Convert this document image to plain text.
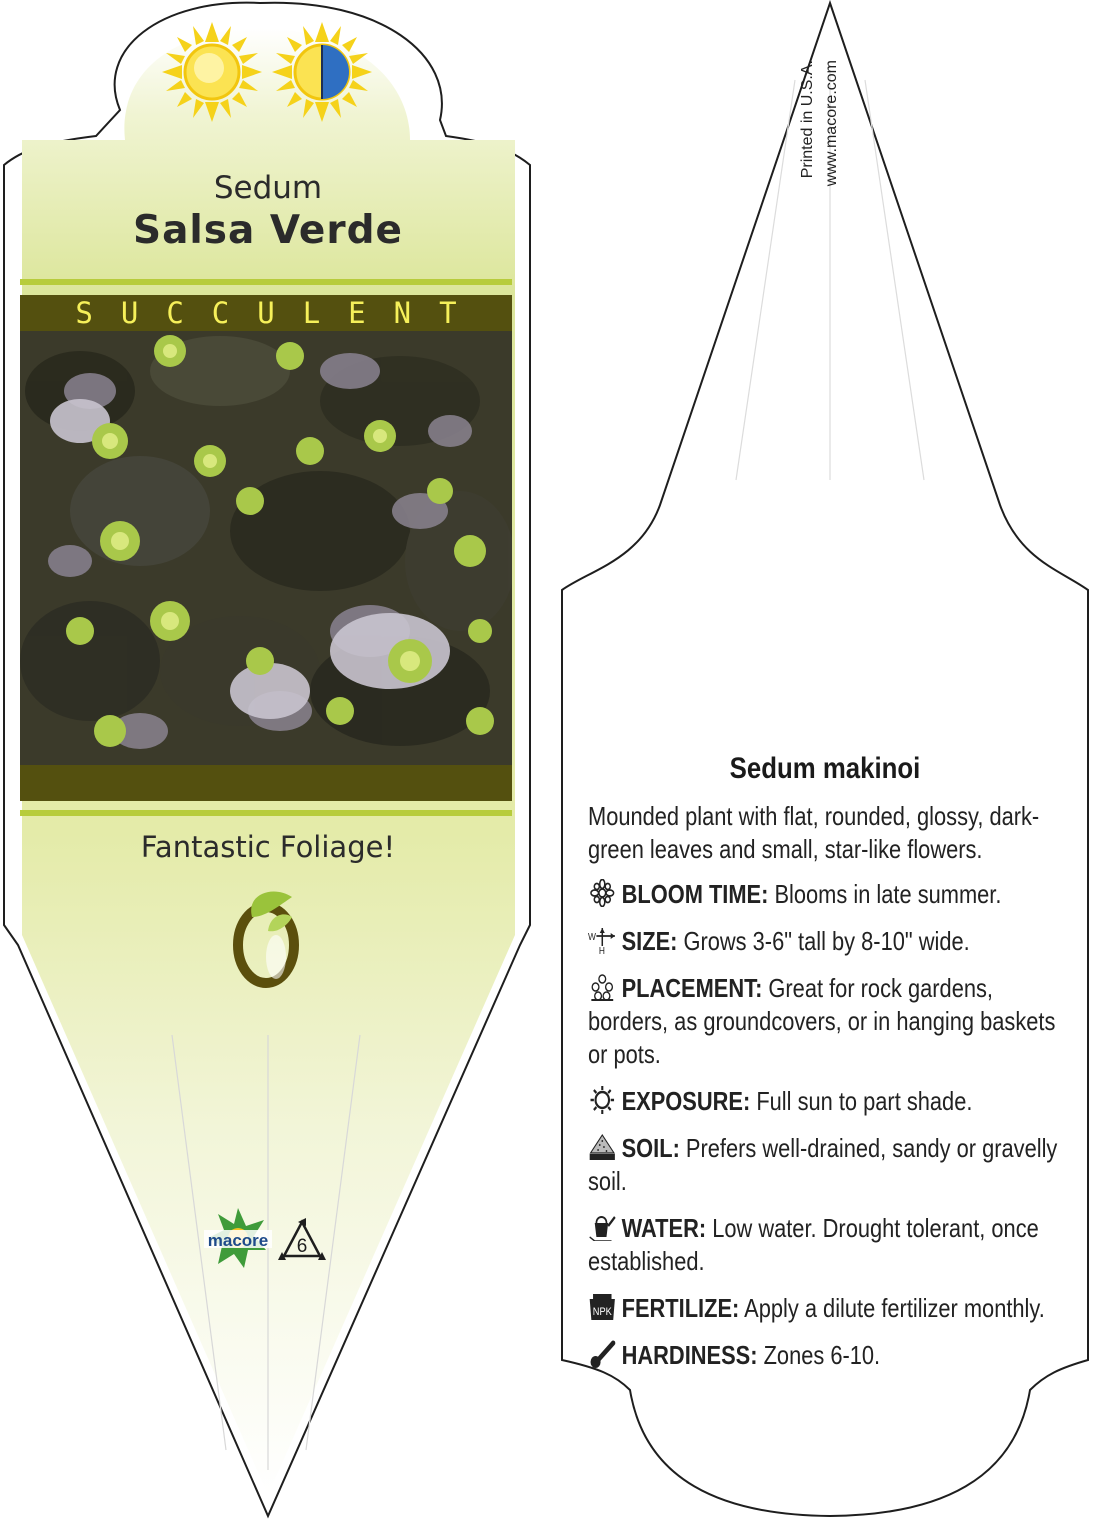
macore 6
Sedum
Salsa Verde
SUCCULENT
Fantastic Foliage!
Printed in U.S.A. www.macore.com
Sedum makinoi
Mounded plant with flat, rounded, glossy, dark-green leaves and small, star-like flowers.
BLOOM TIME: Blooms in late summer.
W
H SIZE: Grows 3-6" tall by 8-10" wide.
PLACEMENT: Great for rock gardens, borders, as groundcovers, or in hanging baskets or pots.
EXPOSURE: Full sun to part shade.
SOIL: Prefers well-drained, sandy or gravelly soil.
WATER: Low water. Drought tolerant, once established.
NPK FERTILIZE: Apply a dilute fertilizer monthly.
HARDINESS: Zones 6-10.
